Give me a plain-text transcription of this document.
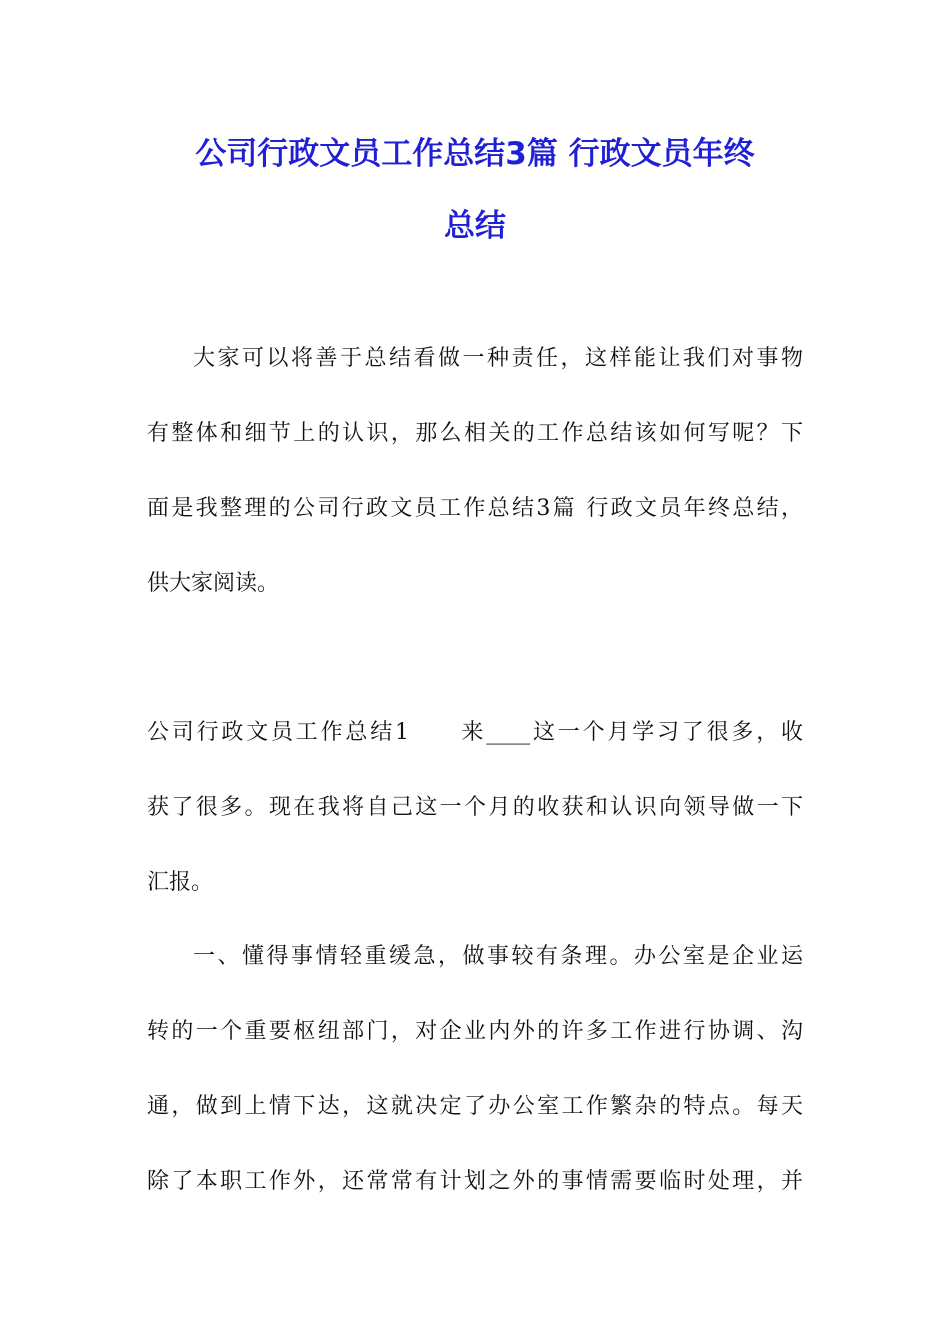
公司行政文员工作总结3篇 行政文员年终
总结

大家可以将善于总结看做一种责任，这样能让我们对事物

有整体和细节上的认识，那么相关的工作总结该如何写呢？下

面是我整理的公司行政文员工作总结3篇 行政文员年终总结，

供大家阅读。

公司行政文员工作总结1　　来____这一个月学习了很多，收

获了很多。现在我将自己这一个月的收获和认识向领导做一下

汇报。

一、懂得事情轻重缓急，做事较有条理。办公室是企业运

转的一个重要枢纽部门，对企业内外的许多工作进行协调、沟

通，做到上情下达，这就决定了办公室工作繁杂的特点。每天

除了本职工作外，还常常有计划之外的事情需要临时处理，并
